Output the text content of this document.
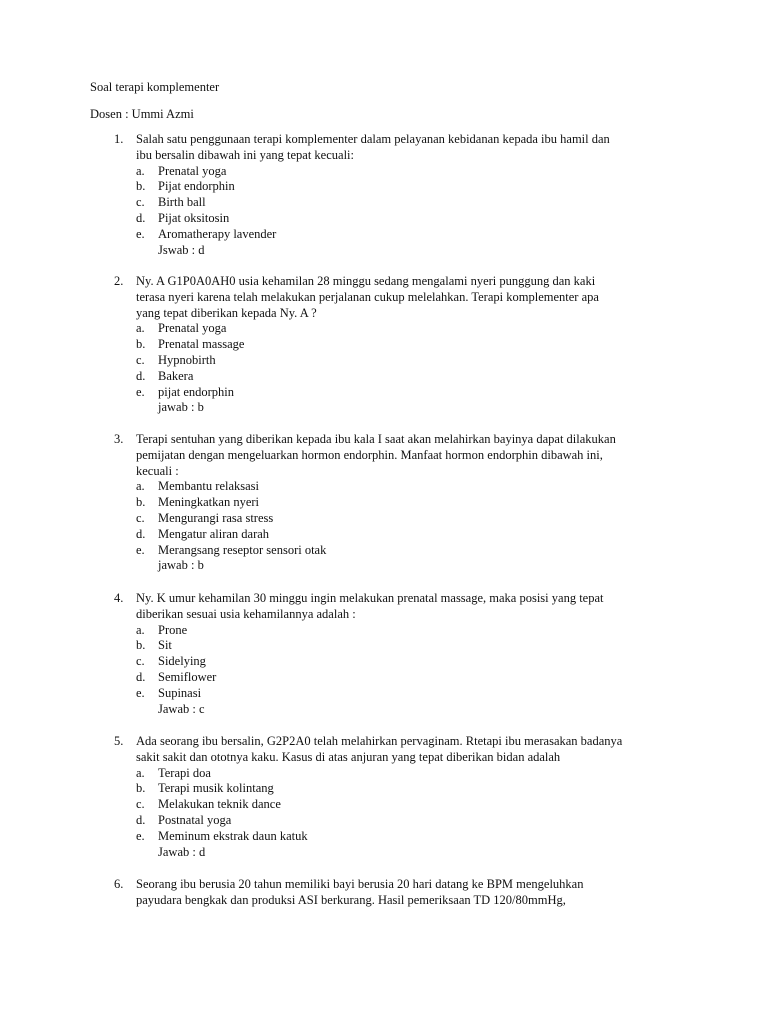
Soal terapi komplementer
Dosen : Ummi Azmi
1. Salah satu penggunaan terapi komplementer dalam pelayanan kebidanan kepada ibu hamil dan
ibu bersalin dibawah ini yang tepat kecuali:
a. Prenatal yoga
b. Pijat endorphin
c. Birth ball
d. Pijat oksitosin
e. Aromatherapy lavender
Jswab : d
2. Ny. A G1P0A0AH0 usia kehamilan 28 minggu sedang mengalami nyeri punggung dan kaki
terasa nyeri karena telah melakukan perjalanan cukup melelahkan. Terapi komplementer apa
yang tepat diberikan kepada Ny. A ?
a. Prenatal yoga
b. Prenatal massage
c. Hypnobirth
d. Bakera
e. pijat endorphin
jawab : b
3. Terapi sentuhan yang diberikan kepada ibu kala I saat akan melahirkan bayinya dapat dilakukan
pemijatan dengan mengeluarkan hormon endorphin. Manfaat hormon endorphin dibawah ini,
kecuali :
a. Membantu relaksasi
b. Meningkatkan nyeri
c. Mengurangi rasa stress
d. Mengatur aliran darah
e. Merangsang reseptor sensori otak
jawab : b
4. Ny. K umur kehamilan 30 minggu ingin melakukan prenatal massage, maka posisi yang tepat
diberikan sesuai usia kehamilannya adalah :
a. Prone
b. Sit
c. Sidelying
d. Semiflower
e. Supinasi
Jawab : c
5. Ada seorang ibu bersalin, G2P2A0 telah melahirkan pervaginam. Rtetapi ibu merasakan badanya
sakit sakit dan ototnya kaku. Kasus di atas anjuran yang tepat diberikan bidan adalah
a. Terapi doa
b. Terapi musik kolintang
c. Melakukan teknik dance
d. Postnatal yoga
e. Meminum ekstrak daun katuk
Jawab : d
6. Seorang ibu berusia 20 tahun memiliki bayi berusia 20 hari datang ke BPM mengeluhkan
payudara bengkak dan produksi ASI berkurang. Hasil pemeriksaan TD 120/80mmHg,
